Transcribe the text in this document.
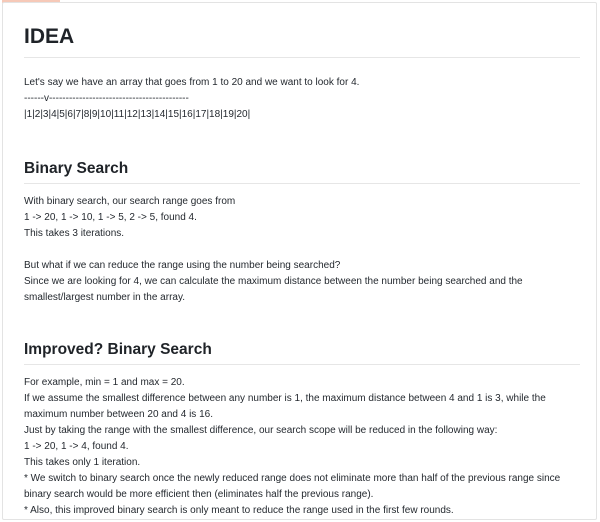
IDEA

Let's say we have an array that goes from 1 to 20 and we want to look for 4.

------v------------------------------------------

|1|2|3|4|5|6|7|8|9|10|11|12|13|14|15|16|17|18|19|20|

Binary Search

With binary search, our search range goes from

1 -> 20, 1 -> 10, 1 -> 5, 2 -> 5, found 4.

This takes 3 iterations.

But what if we can reduce the range using the number being searched?

Since we are looking for 4, we can calculate the maximum distance between the number being searched and the smallest/largest number in the array.

Improved? Binary Search

For example, min = 1 and max = 20.

If we assume the smallest difference between any number is 1, the maximum distance between 4 and 1 is 3, while the maximum number between 20 and 4 is 16.

Just by taking the range with the smallest difference, our search scope will be reduced in the following way:

1 -> 20, 1 -> 4, found 4.

This takes only 1 iteration.

* We switch to binary search once the newly reduced range does not eliminate more than half of the previous range since binary search would be more efficient then (eliminates half the previous range).

* Also, this improved binary search is only meant to reduce the range used in the first few rounds.
